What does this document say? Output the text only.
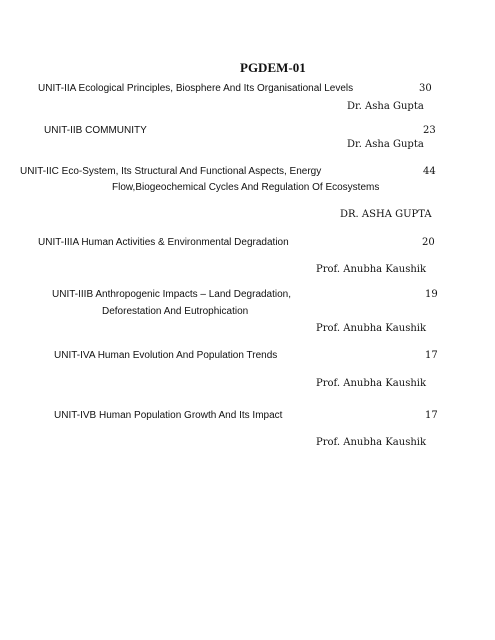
PGDEM-01
UNIT-IIA Ecological Principles, Biosphere And Its Organisational Levels	30
Dr. Asha Gupta
UNIT-IIB COMMUNITY	23
Dr. Asha Gupta
UNIT-IIC Eco-System, Its Structural And Functional Aspects, Energy	44
Flow,Biogeochemical Cycles And Regulation Of Ecosystems
DR. ASHA GUPTA
UNIT-IIIA Human Activities & Environmental Degradation	20
Prof. Anubha Kaushik
UNIT-IIIB Anthropogenic Impacts – Land Degradation,	19
Deforestation And Eutrophication
Prof. Anubha Kaushik
UNIT-IVA Human Evolution And Population Trends	17
Prof. Anubha Kaushik
UNIT-IVB Human Population Growth And Its Impact	17
Prof. Anubha Kaushik
